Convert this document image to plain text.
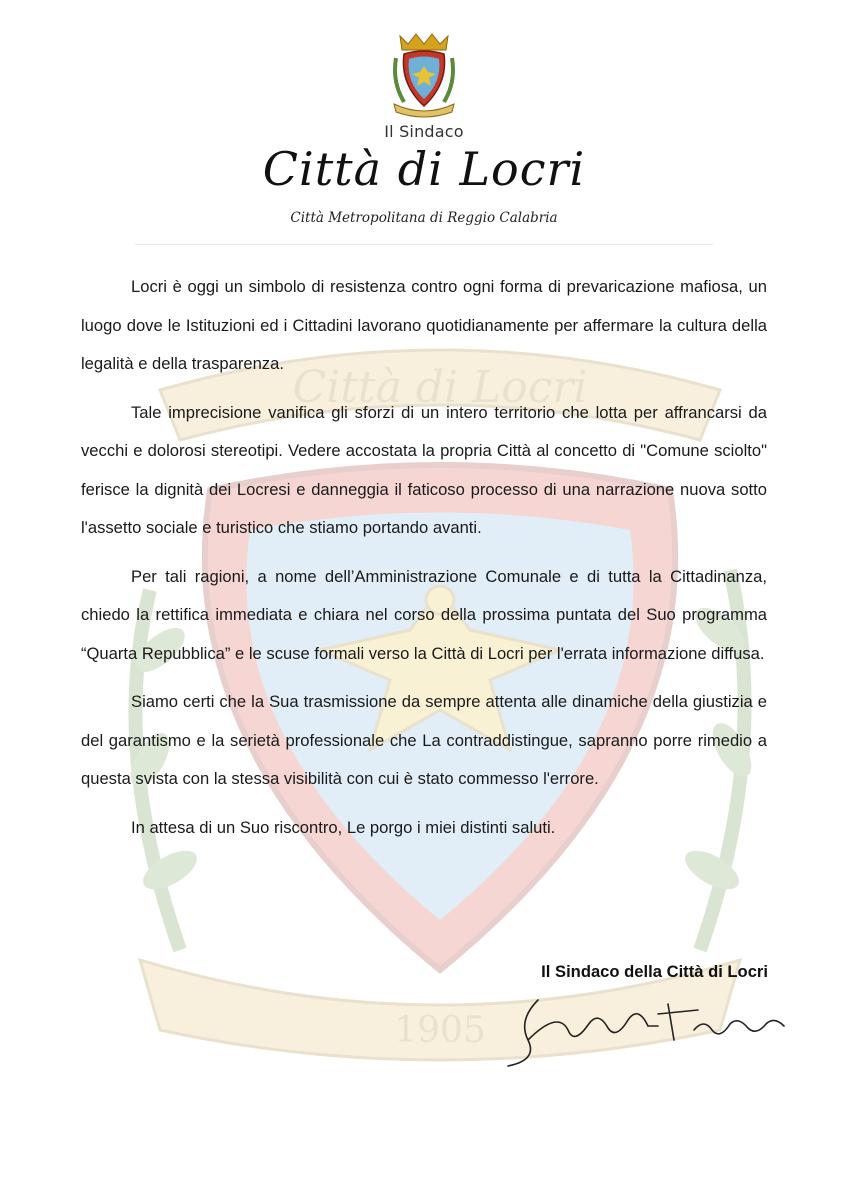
Città di Locri
1905
Il Sindaco
Città di Locri
Città Metropolitana di Reggio Calabria

Locri è oggi un simbolo di resistenza contro ogni forma di prevaricazione mafiosa, un luogo dove le Istituzioni ed i Cittadini lavorano quotidianamente per affermare la cultura della legalità e della trasparenza.

Tale imprecisione vanifica gli sforzi di un intero territorio che lotta per affrancarsi da vecchi e dolorosi stereotipi. Vedere accostata la propria Città al concetto di "Comune sciolto" ferisce la dignità dei Locresi e danneggia il faticoso processo di una narrazione nuova sotto l'assetto sociale e turistico che stiamo portando avanti.

Per tali ragioni, a nome dell’Amministrazione Comunale e di tutta la Cittadinanza, chiedo la rettifica immediata e chiara nel corso della prossima puntata del Suo programma “Quarta Repubblica” e le scuse formali verso la Città di Locri per l'errata informazione diffusa.

Siamo certi che la Sua trasmissione da sempre attenta alle dinamiche della giustizia e del garantismo e la serietà professionale che La contraddistingue, sapranno porre rimedio a questa svista con la stessa visibilità con cui è stato commesso l'errore.

In attesa di un Suo riscontro, Le porgo i miei distinti saluti.

Il Sindaco della Città di Locri
